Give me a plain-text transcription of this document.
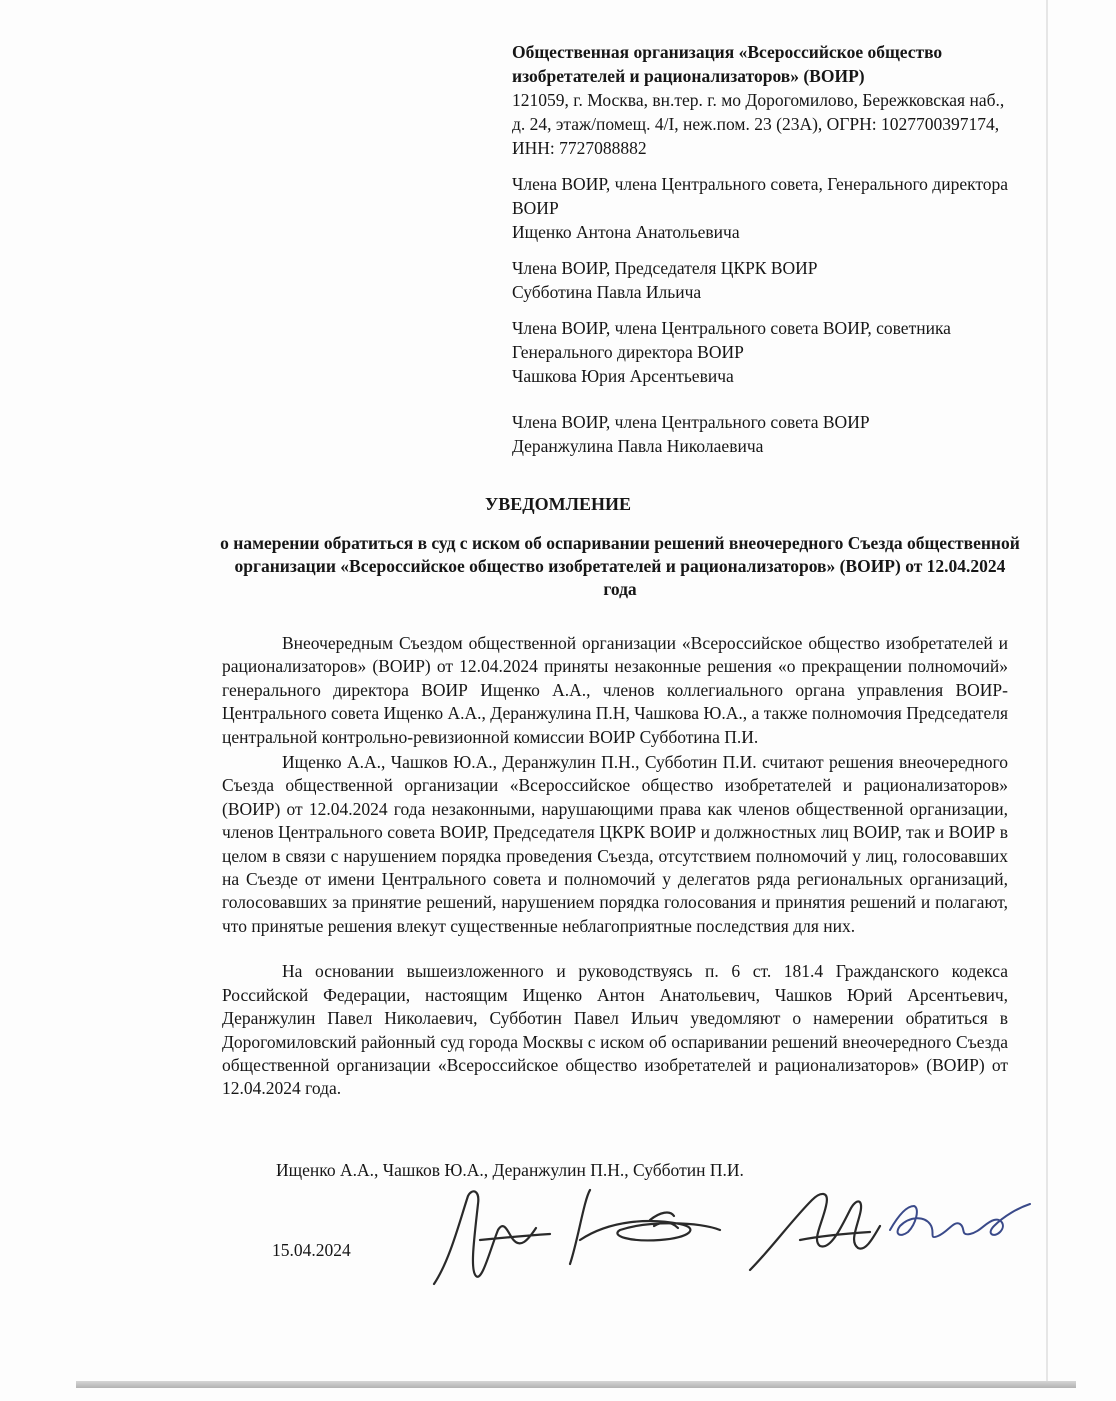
Общественная организация «Всероссийское общество изобретателей и рационализаторов» (ВОИР)

121059, г. Москва, вн.тер. г. мо Дорогомилово, Бережковская наб., д. 24, этаж/помещ. 4/I, неж.пом. 23 (23А), ОГРН: 1027700397174, ИНН: 7727088882

Члена ВОИР, члена Центрального совета, Генерального директора ВОИР

Ищенко Антона Анатольевича

Члена ВОИР, Председателя ЦКРК ВОИР

Субботина Павла Ильича

Члена ВОИР, члена Центрального совета ВОИР, советника Генерального директора ВОИР

Чашкова Юрия Арсентьевича

Члена ВОИР, члена Центрального совета ВОИР

Деранжулина Павла Николаевича

УВЕДОМЛЕНИЕ

о намерении обратиться в суд с иском об оспаривании решений внеочередного Съезда общественной организации «Всероссийское общество изобретателей и рационализаторов» (ВОИР) от 12.04.2024 года

Внеочередным Съездом общественной организации «Всероссийское общество изобретателей и рационализаторов» (ВОИР) от 12.04.2024 приняты незаконные решения «о прекращении полномочий» генерального директора ВОИР Ищенко А.А., членов коллегиального органа управления ВОИР-Центрального совета Ищенко А.А., Деранжулина П.Н, Чашкова Ю.А., а также полномочия Председателя центральной контрольно-ревизионной комиссии ВОИР Субботина П.И.

Ищенко А.А., Чашков Ю.А., Деранжулин П.Н., Субботин П.И. считают решения внеочередного Съезда общественной организации «Всероссийское общество изобретателей и рационализаторов» (ВОИР) от 12.04.2024 года незаконными, нарушающими права как членов общественной организации, членов Центрального совета ВОИР, Председателя ЦКРК ВОИР и должностных лиц ВОИР, так и ВОИР в целом в связи с нарушением порядка проведения Съезда, отсутствием полномочий у лиц, голосовавших на Съезде от имени Центрального совета и полномочий у делегатов ряда региональных организаций, голосовавших за принятие решений, нарушением порядка голосования и принятия решений и полагают, что принятые решения влекут существенные неблагоприятные последствия для них.

На основании вышеизложенного и руководствуясь п. 6 ст. 181.4 Гражданского кодекса Российской Федерации, настоящим Ищенко Антон Анатольевич, Чашков Юрий Арсентьевич, Деранжулин Павел Николаевич, Субботин Павел Ильич уведомляют о намерении обратиться в Дорогомиловский районный суд города Москвы с иском об оспаривании решений внеочередного Съезда общественной организации «Всероссийское общество изобретателей и рационализаторов» (ВОИР) от 12.04.2024 года.

Ищенко А.А., Чашков Ю.А., Деранжулин П.Н., Субботин П.И.

15.04.2024
